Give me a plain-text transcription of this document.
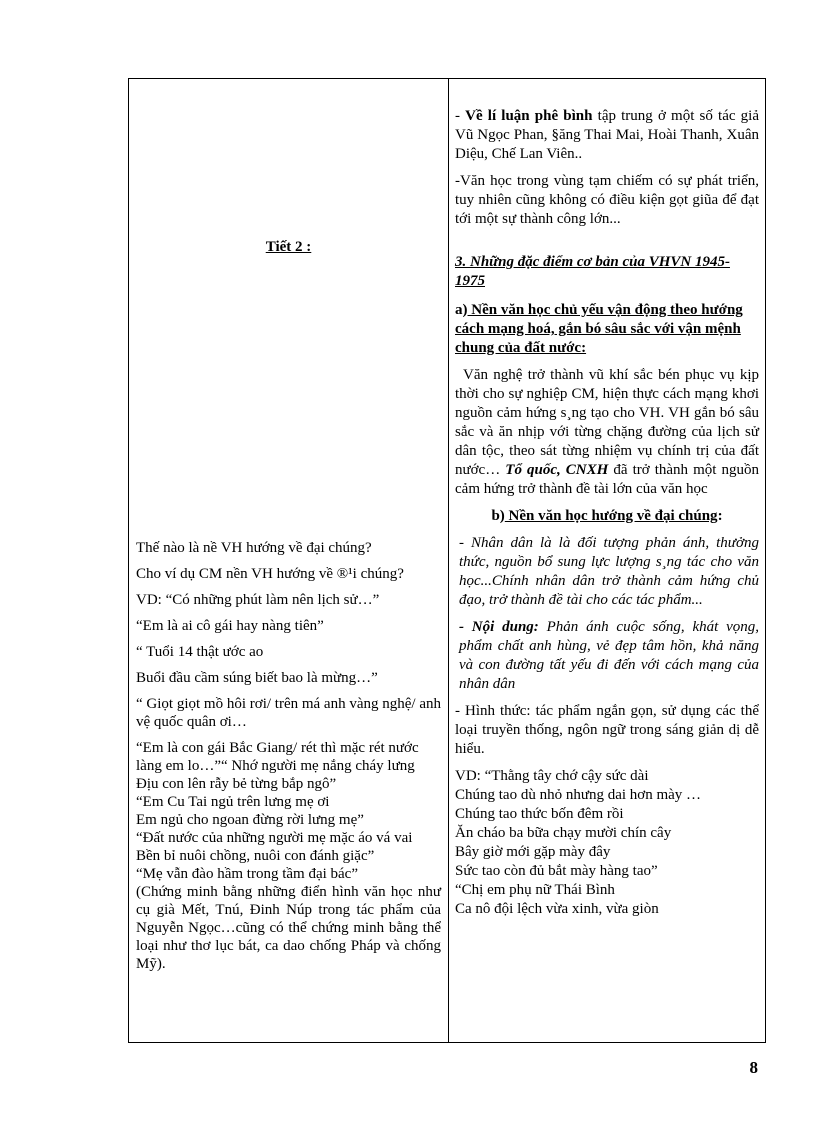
Tiết 2 :

Thế nào là nề VH hướng về đại chúng?

Cho ví dụ CM nền VH hướng về ®¹i chúng?

VD: “Có những phút làm nên lịch sử…”

“Em là ai cô gái hay nàng tiên”

“ Tuổi 14 thật ước ao

Buổi đầu cầm súng biết bao là mừng…”

“ Giọt giọt mồ hôi rơi/ trên má anh vàng nghệ/ anh vệ quốc quân ơi…

“Em là con gái Bắc Giang/ rét thì mặc rét nước làng em lo…”“ Nhớ người mẹ nắng cháy lưng

Địu con lên rẫy bẻ từng bắp ngô”

“Em Cu Tai ngủ trên lưng mẹ ơi

Em ngủ cho ngoan đừng rời lưng mẹ”

“Đất nước của những người mẹ mặc áo vá vai

Bền bỉ nuôi chồng, nuôi con đánh giặc”

“Mẹ vẫn đào hầm trong tầm đại bác”

(Chứng minh bằng những điển hình văn học như cụ già Mết, Tnú, Đinh Núp trong tác phẩm của Nguyễn Ngọc…cũng có thể chứng minh bằng thể loại như thơ lục bát, ca dao chống Pháp và chống Mỹ).

- Về lí luận phê bình tập trung ở một số tác giả Vũ Ngọc Phan, §ăng Thai Mai, Hoài Thanh, Xuân Diệu, Chế Lan Viên..

-Văn học trong vùng tạm chiếm có sự phát triển, tuy nhiên cũng không có điều kiện gọt giũa để đạt tới một sự thành công lớn...

3. Những đặc điểm cơ bản của VHVN 1945-1975

a) Nền văn học chủ yếu vận động theo hướng cách mạng hoá, gắn bó sâu sắc với vận mệnh chung của đất nước:

Văn nghệ trở thành vũ khí sắc bén phục vụ kịp thời cho sự nghiệp CM, hiện thực cách mạng khơi nguồn cảm hứng s¸ng tạo cho VH. VH gắn bó sâu sắc và ăn nhịp với từng chặng đường của lịch sử dân tộc, theo sát từng nhiệm vụ chính trị của đất nước… Tổ quốc, CNXH đã trở thành một nguồn cảm hứng trở thành đề tài lớn của văn học

b) Nền văn học hướng về đại chúng:

- Nhân dân là là đối tượng phản ánh, thưởng thức, nguồn bổ sung lực lượng s¸ng tác cho văn học...Chính nhân dân trở thành cảm hứng chủ đạo, trở thành đề tài cho các tác phẩm...

- Nội dung: Phản ánh cuộc sống, khát vọng, phẩm chất anh hùng, vẻ đẹp tâm hồn, khả năng và con đường tất yếu đi đến với cách mạng của nhân dân

- Hình thức: tác phẩm ngắn gọn, sử dụng các thể loại truyền thống, ngôn ngữ trong sáng giản dị dễ hiểu.

VD: “Thằng tây chớ cậy sức dài

Chúng tao dù nhỏ nhưng dai hơn mày …

Chúng tao thức bốn đêm rồi

Ăn cháo ba bữa chạy mười chín cây

Bây giờ mới gặp mày đây

Sức tao còn đủ bắt mày hàng tao”

“Chị em phụ nữ Thái Bình

Ca nô đội lệch vừa xinh, vừa giòn

8
